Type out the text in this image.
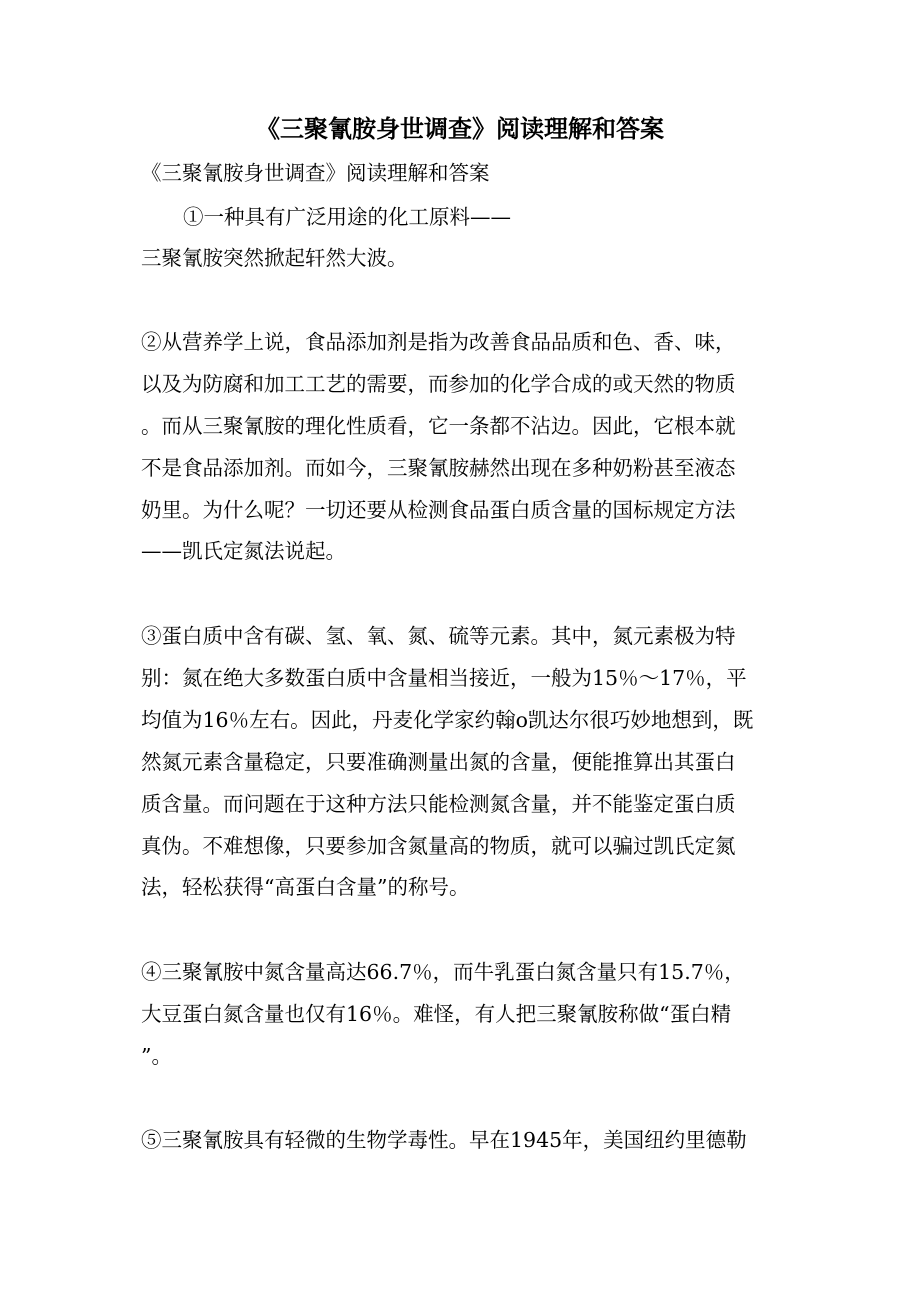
《三聚氰胺身世调查》阅读理解和答案

《三聚氰胺身世调查》阅读理解和答案

①一种具有广泛用途的化工原料——

三聚氰胺突然掀起轩然大波。

②从营养学上说，食品添加剂是指为改善食品品质和色、香、味，

以及为防腐和加工工艺的需要，而参加的化学合成的或天然的物质

。而从三聚氰胺的理化性质看，它一条都不沾边。因此，它根本就

不是食品添加剂。而如今，三聚氰胺赫然出现在多种奶粉甚至液态

奶里。为什么呢？一切还要从检测食品蛋白质含量的国标规定方法

——凯氏定氮法说起。

③蛋白质中含有碳、氢、氧、氮、硫等元素。其中，氮元素极为特

别：氮在绝大多数蛋白质中含量相当接近，一般为15％～17％，平

均值为16％左右。因此，丹麦化学家约翰o凯达尔很巧妙地想到，既

然氮元素含量稳定，只要准确测量出氮的含量，便能推算出其蛋白

质含量。而问题在于这种方法只能检测氮含量，并不能鉴定蛋白质

真伪。不难想像，只要参加含氮量高的物质，就可以骗过凯氏定氮

法，轻松获得“高蛋白含量”的称号。

④三聚氰胺中氮含量高达66.7％，而牛乳蛋白氮含量只有15.7％，

大豆蛋白氮含量也仅有16％。难怪，有人把三聚氰胺称做“蛋白精

”。

⑤三聚氰胺具有轻微的生物学毒性。早在1945年，美国纽约里德勒
